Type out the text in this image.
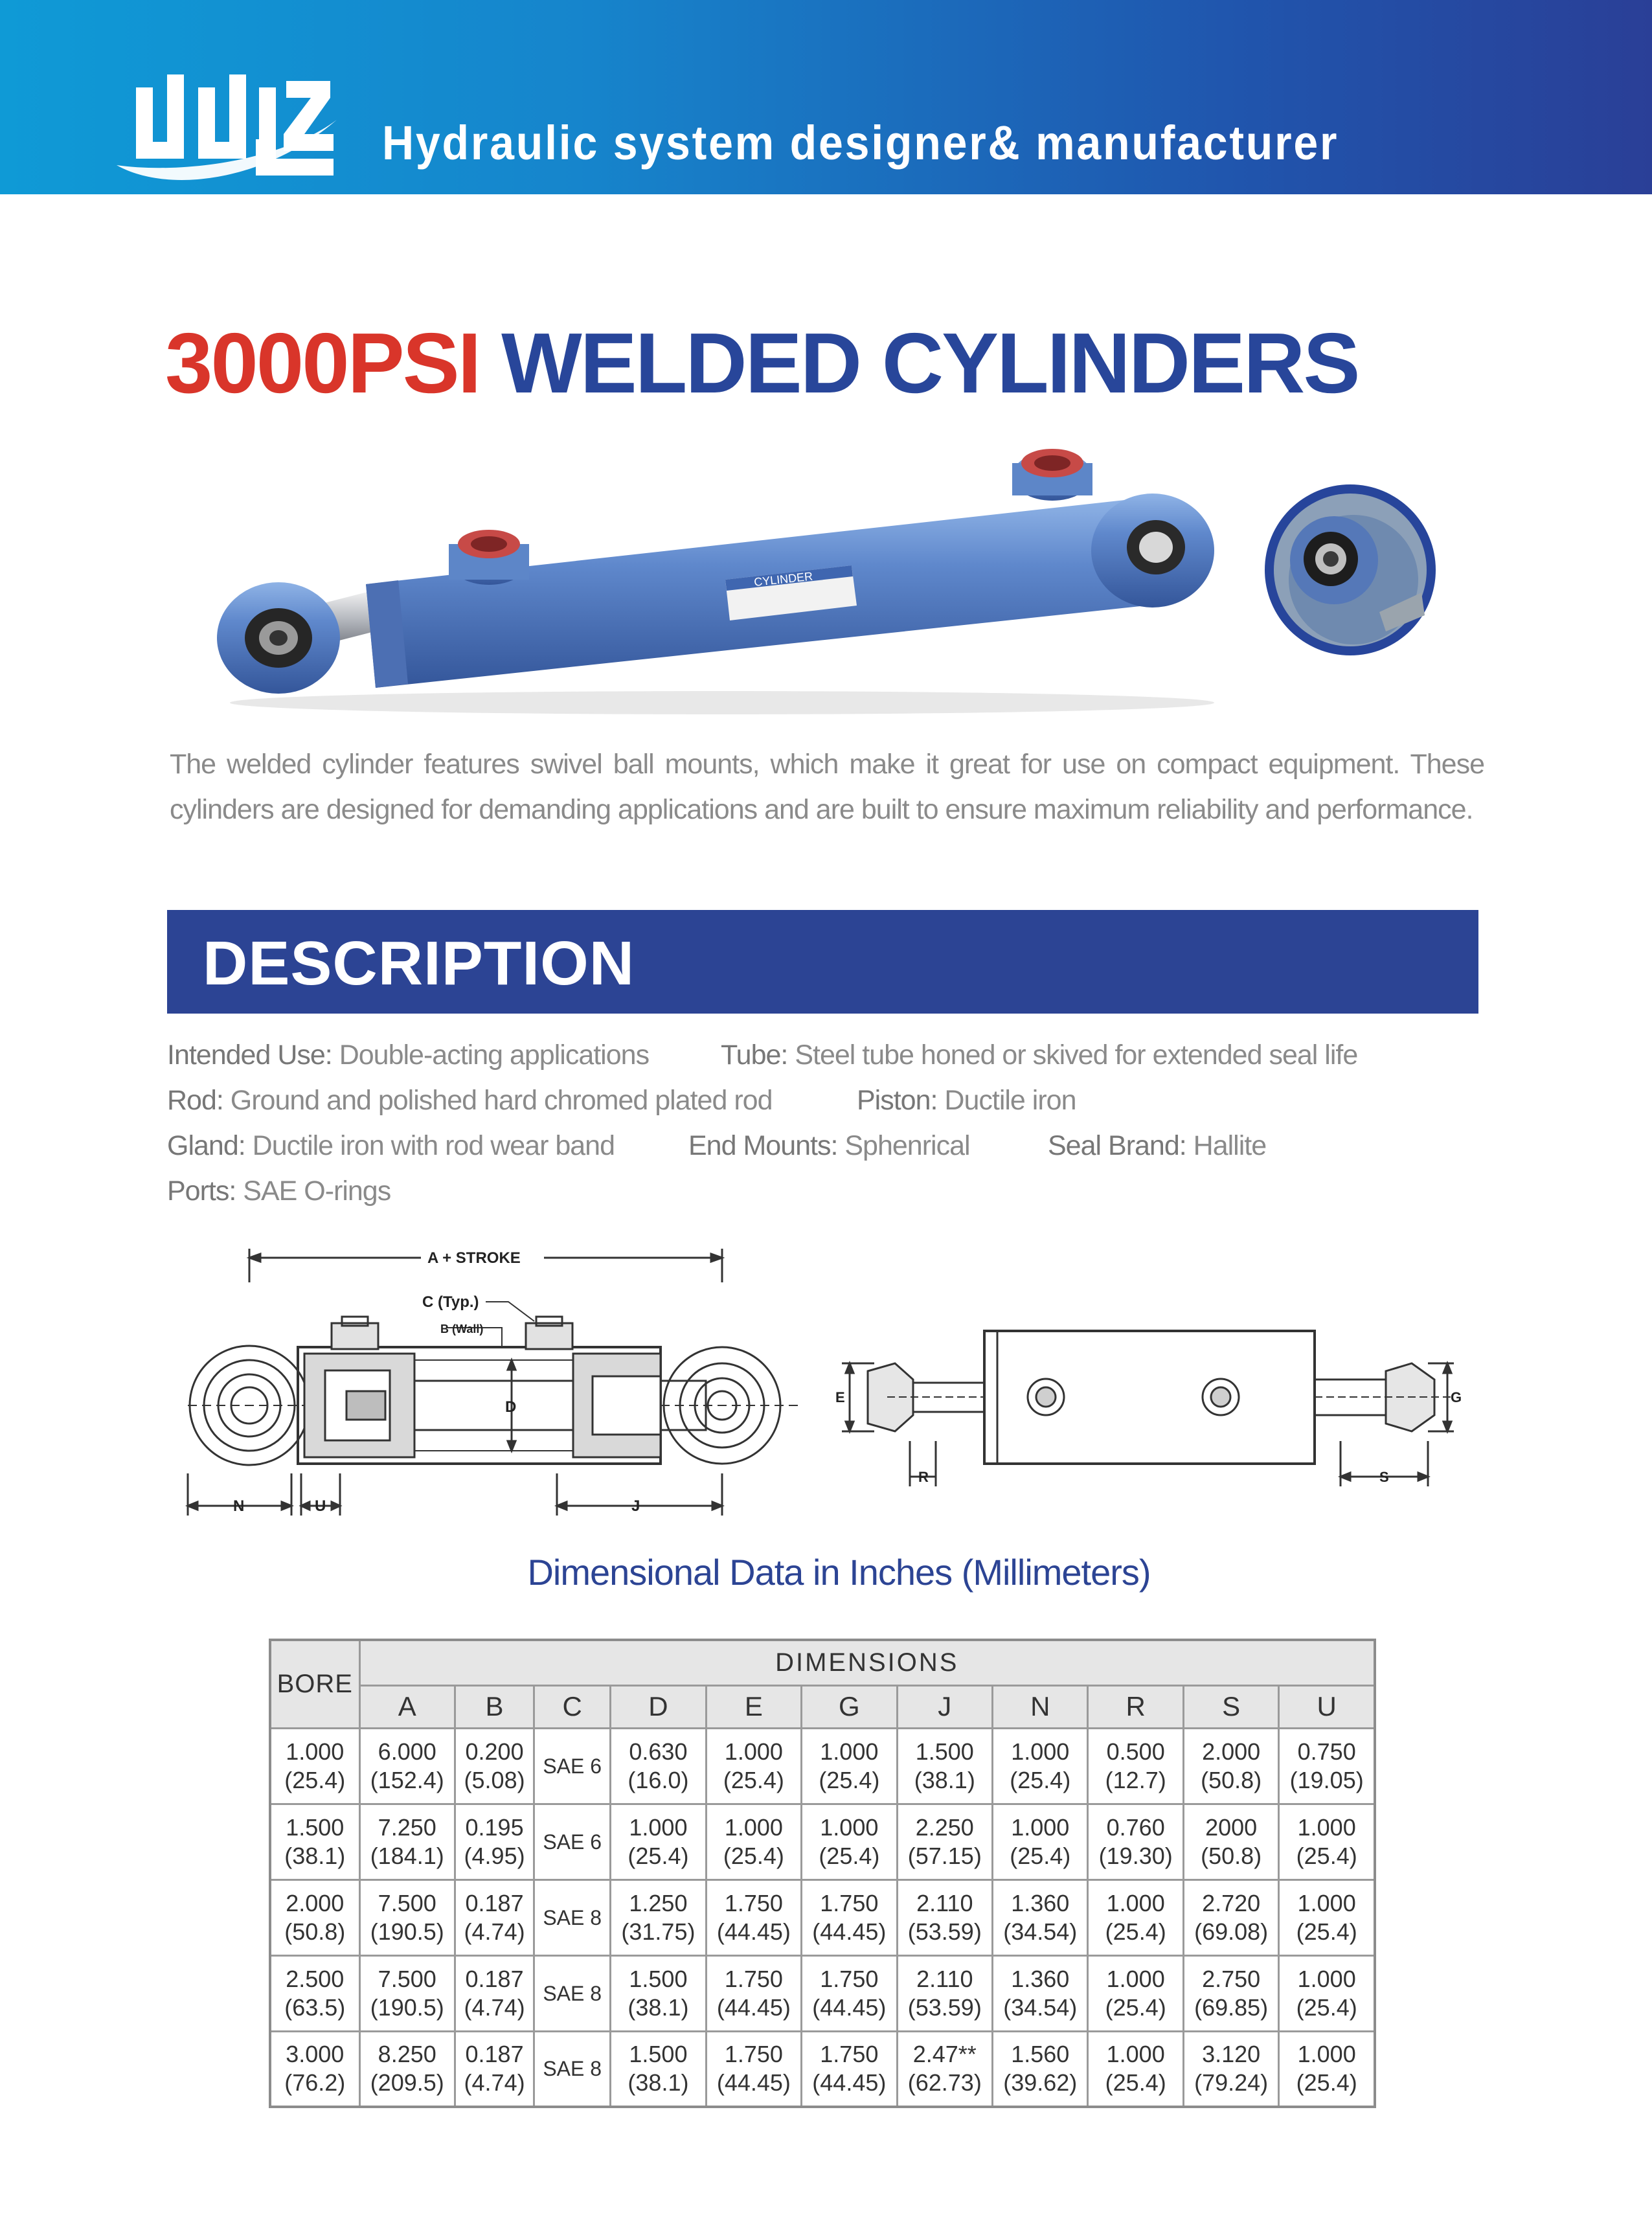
Hydraulic system designer& manufacturer
3000PSI WELDED CYLINDERS
CYLINDER
The welded cylinder features swivel ball mounts, which make it great for use on compact equipment. These cylinders are designed for demanding applications and are built to ensure maximum reliability and performance.
DESCRIPTION
Intended Use: Double-acting applications	Tube: Steel tube honed or skived for extended seal life
Rod: Ground and polished hard chromed plated rod	Piston: Ductile iron
Gland: Ductile iron with rod wear band	End Mounts: Sphenrical	Seal Brand: Hallite
Ports: SAE O-rings
A + STROKE
C (Typ.)
B (Wall)
D
N	U	J
E	G
R	S
Dimensional Data in Inches (Millimeters)
BORE	DIMENSIONS										
	A	B	C	D	E	G	J	N	R	S	U
1.000
(25.4)	6.000
(152.4)	0.200
(5.08)	SAE 6	0.630
(16.0)	1.000
(25.4)	1.000
(25.4)	1.500
(38.1)	1.000
(25.4)	0.500
(12.7)	2.000
(50.8)	0.750
(19.05)

1.500
(38.1)	7.250
(184.1)	0.195
(4.95)	SAE 6	1.000
(25.4)	1.000
(25.4)	1.000
(25.4)	2.250
(57.15)	1.000
(25.4)	0.760
(19.30)	2000
(50.8)	1.000
(25.4)

2.000
(50.8)	7.500
(190.5)	0.187
(4.74)	SAE 8	1.250
(31.75)	1.750
(44.45)	1.750
(44.45)	2.110
(53.59)	1.360
(34.54)	1.000
(25.4)	2.720
(69.08)	1.000
(25.4)

2.500
(63.5)	7.500
(190.5)	0.187
(4.74)	SAE 8	1.500
(38.1)	1.750
(44.45)	1.750
(44.45)	2.110
(53.59)	1.360
(34.54)	1.000
(25.4)	2.750
(69.85)	1.000
(25.4)

3.000
(76.2)	8.250
(209.5)	0.187
(4.74)	SAE 8	1.500
(38.1)	1.750
(44.45)	1.750
(44.45)	2.47**
(62.73)	1.560
(39.62)	1.000
(25.4)	3.120
(79.24)	1.000
(25.4)
